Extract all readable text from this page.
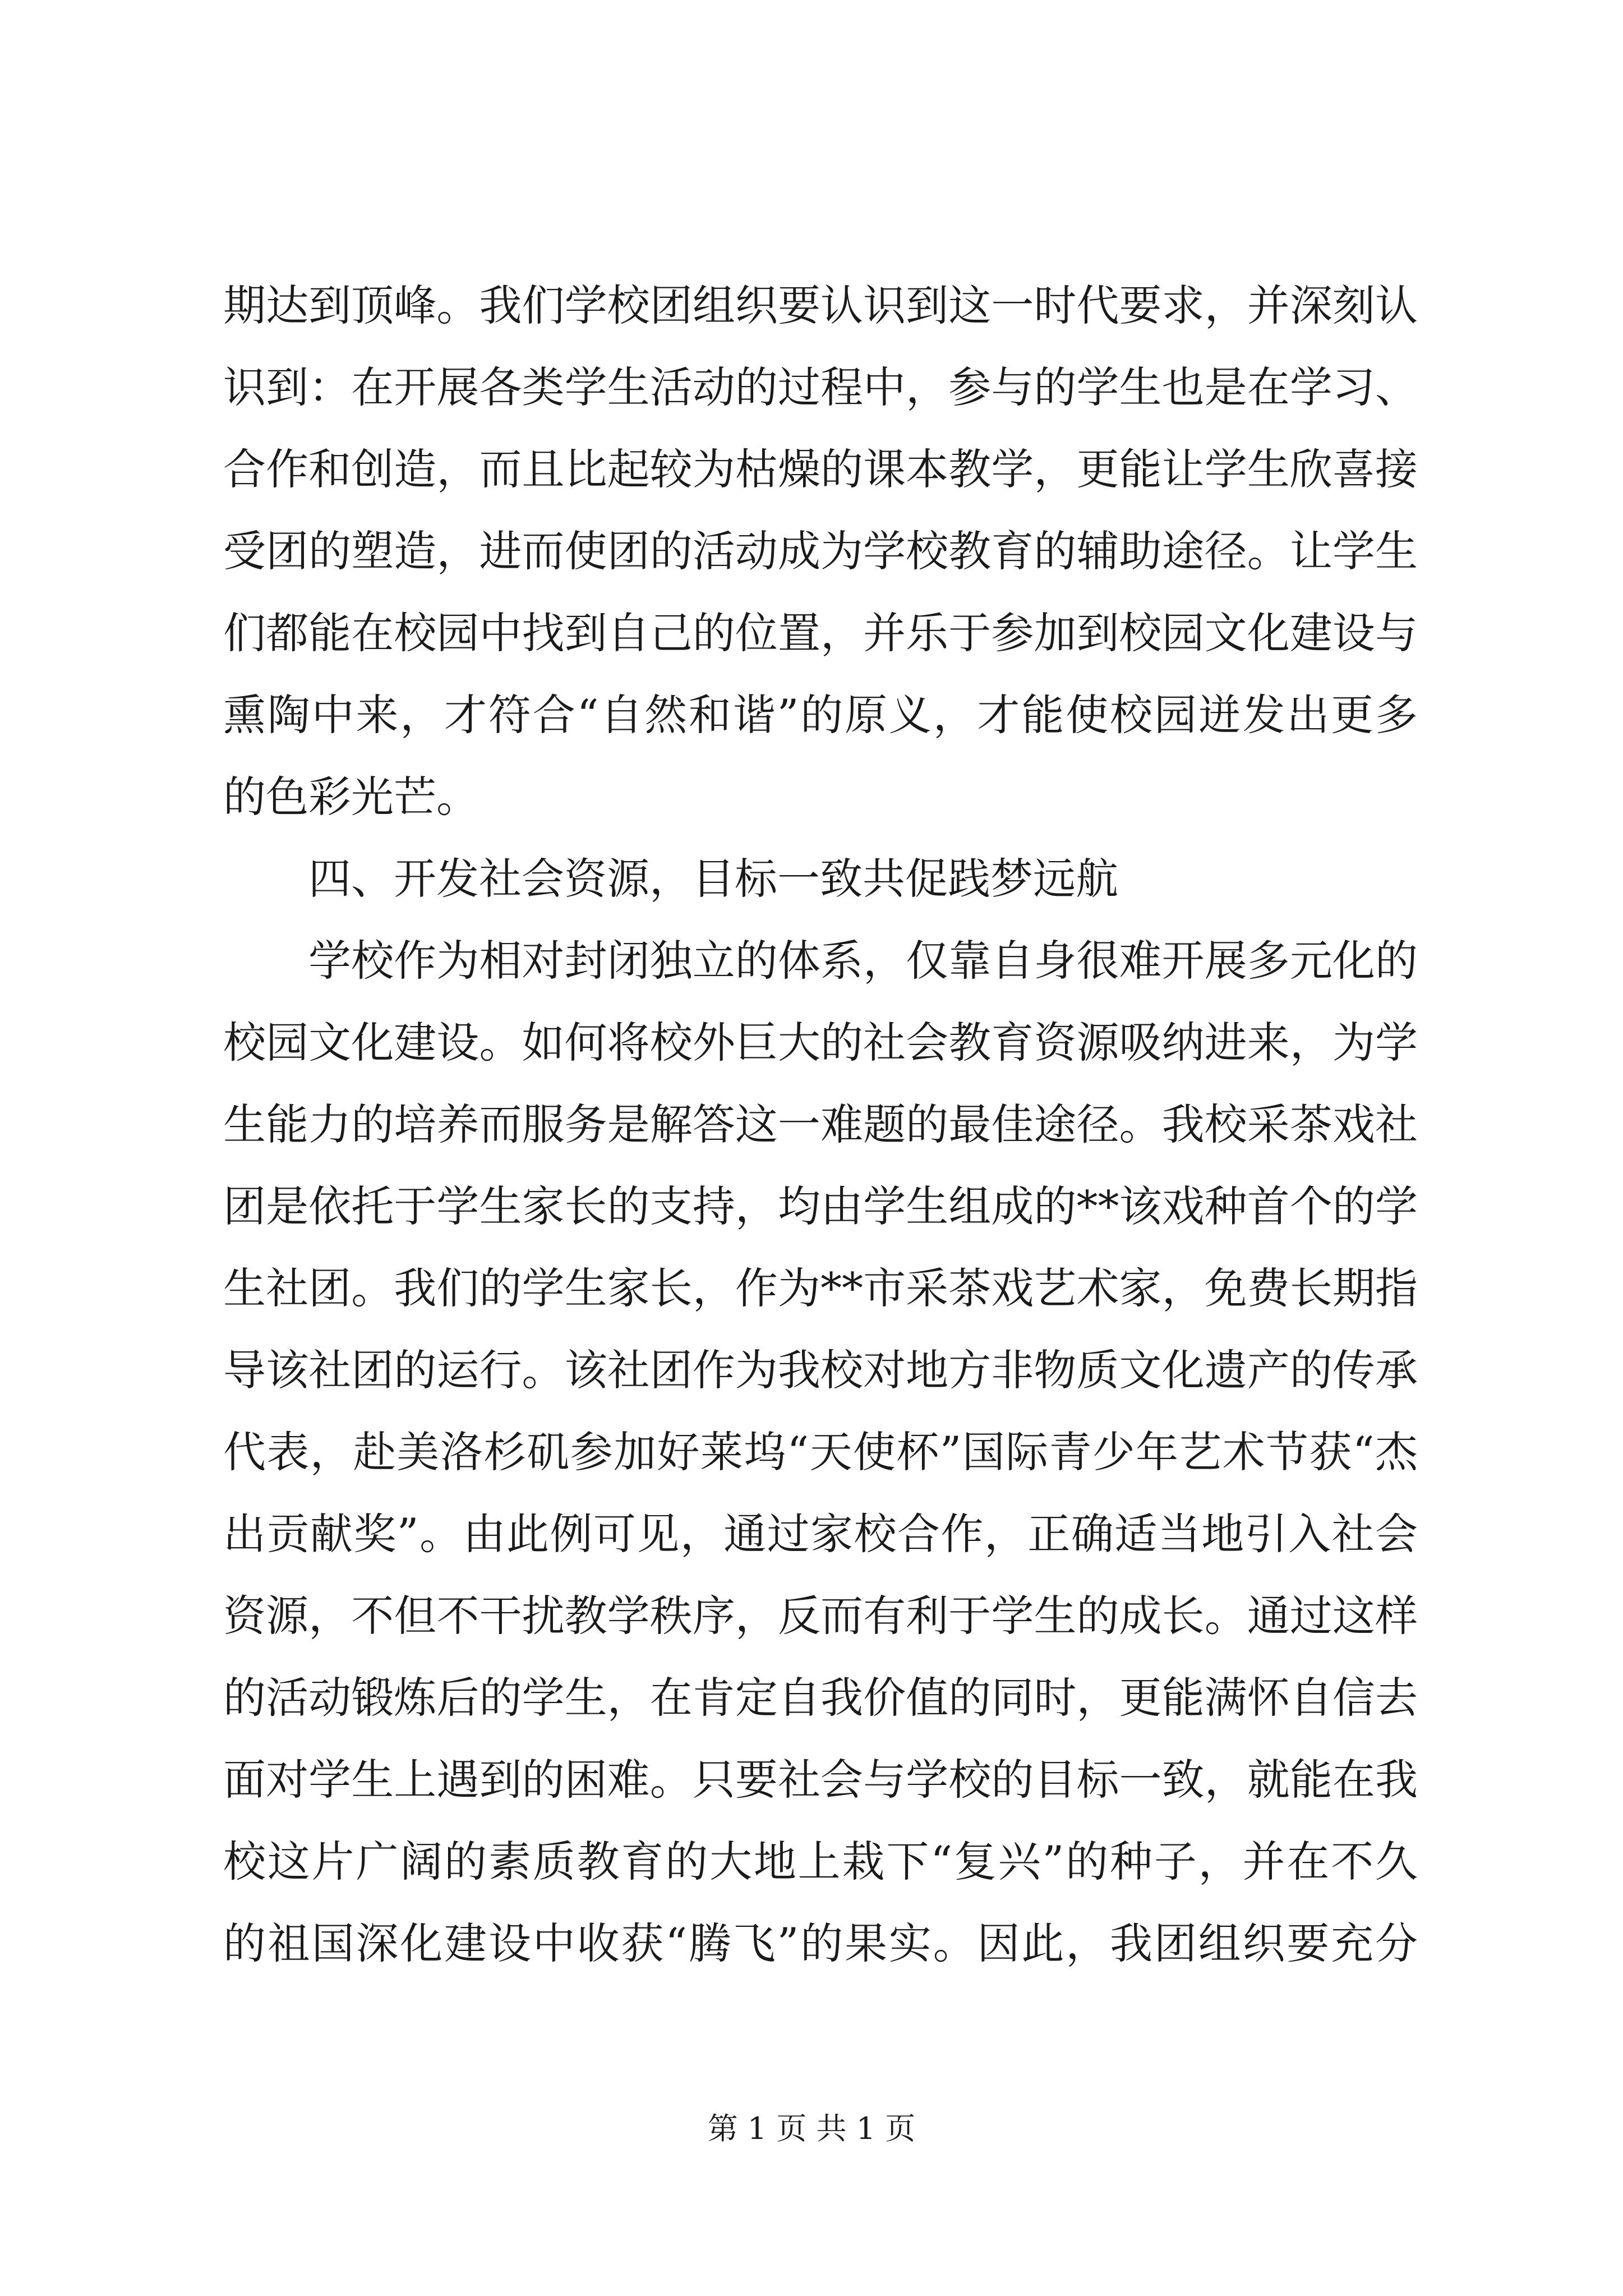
期达到顶峰。我们学校团组织要认识到这一时代要求，并深刻认
识到：在开展各类学生活动的过程中，参与的学生也是在学习、
合作和创造，而且比起较为枯燥的课本教学，更能让学生欣喜接
受团的塑造，进而使团的活动成为学校教育的辅助途径。让学生
们都能在校园中找到自己的位置，并乐于参加到校园文化建设与
熏陶中来，才符合“自然和谐”的原义，才能使校园迸发出更多
的色彩光芒。
四、开发社会资源，目标一致共促践梦远航
学校作为相对封闭独立的体系，仅靠自身很难开展多元化的
校园文化建设。如何将校外巨大的社会教育资源吸纳进来，为学
生能力的培养而服务是解答这一难题的最佳途径。我校采茶戏社
团是依托于学生家长的支持，均由学生组成的**该戏种首个的学
生社团。我们的学生家长，作为**市采茶戏艺术家，免费长期指
导该社团的运行。该社团作为我校对地方非物质文化遗产的传承
代表，赴美洛杉矶参加好莱坞“天使杯”国际青少年艺术节获“杰
出贡献奖”。由此例可见，通过家校合作，正确适当地引入社会
资源，不但不干扰教学秩序，反而有利于学生的成长。通过这样
的活动锻炼后的学生，在肯定自我价值的同时，更能满怀自信去
面对学生上遇到的困难。只要社会与学校的目标一致，就能在我
校这片广阔的素质教育的大地上栽下“复兴”的种子，并在不久
的祖国深化建设中收获“腾飞”的果实。因此，我团组织要充分
第 1 页 共 1 页
